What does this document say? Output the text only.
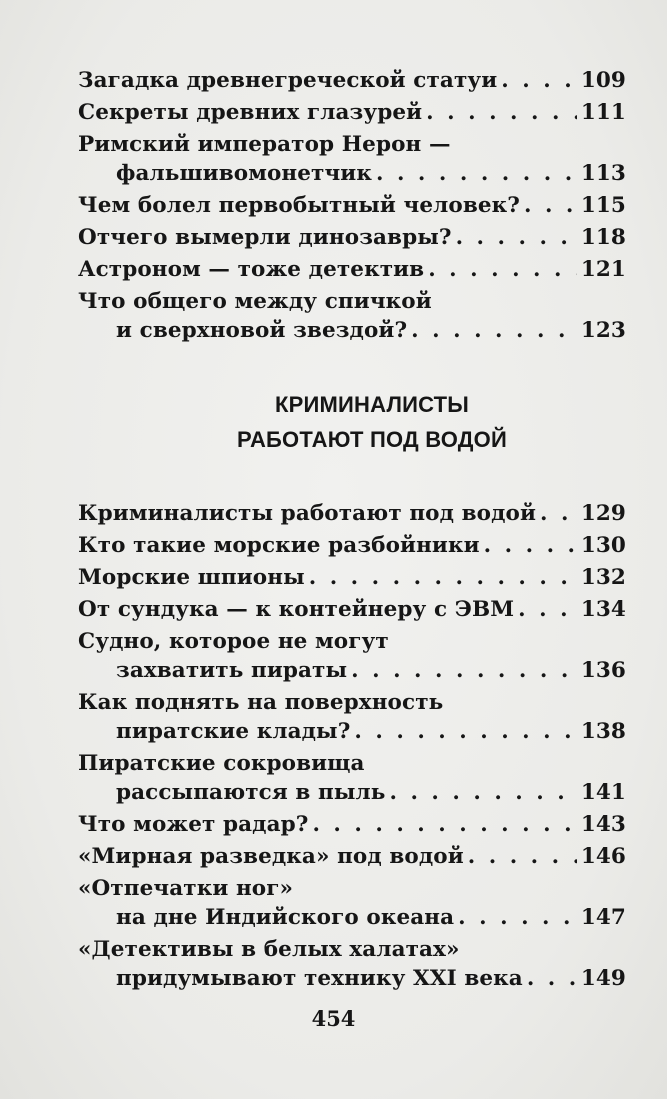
Загадка древнегреческой статуи . . .	109
Секреты древних глазурей . . .	111
Римский император Нерон —
фальшивомонетчик . . .	113
Чем болел первобытный человек? . . .	115
Отчего вымерли динозавры? . . .	118
Астроном — тоже детектив . . .	121
Что общего между спичкой
и сверхновой звездой? . . .	123
КРИМИНАЛИСТЫ
РАБОТАЮТ ПОД ВОДОЙ
Криминалисты работают под водой . . . 129
Кто такие морские разбойники . . .	130
Морские шпионы . . .	132
От сундука — к контейнеру с ЭВМ . . .	134
Судно, которое не могут
захватить пираты . . .	136
Как поднять на поверхность
пиратские клады? . . .	138
Пиратские сокровища
рассыпаются в пыль . . .	141
Что может радар? . . .	143
«Мирная разведка» под водой . . .	146
«Отпечатки ног»
на дне Индийского океана . . .	147
«Детективы в белых халатах»
придумывают технику XXI века . . .	149
454
